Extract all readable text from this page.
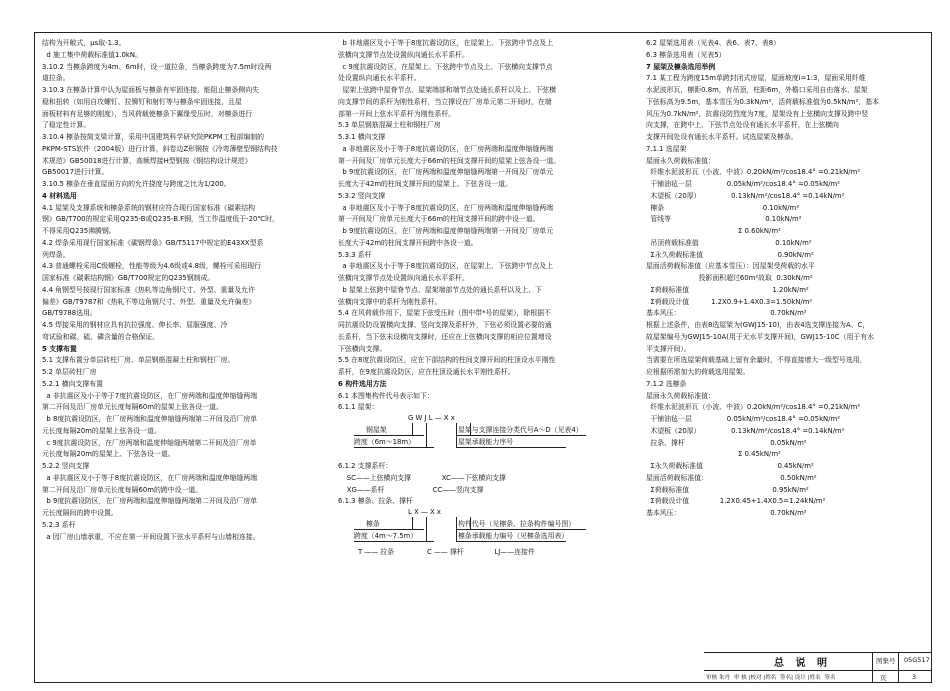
结构为开敞式，μs取-1.3。
d 施工集中荷载标准值1.0kN。
3.10.2 当檩条跨度为4m、6m时，设一道拉条，当檩条跨度为7.5m时设两
道拉条。
3.10.3 在檩条计算中认为屋面板与檩条有牢固连接，能阻止檩条侧向失
稳和扭转（如用自攻螺钉、拉铆钉和射钉等与檩条牢固连接，且屋
面板材料有足够的刚度），当风荷载使檩条下翼缘受压时，对檩条进行
了稳定性计算。
3.10.4 檩条按简支梁计算，采用中国建筑科学研究院PKPM工程部编制的
PKPM-STS软件（2004版）进行计算，斜卷边Z形钢按《冷弯薄壁型钢结构技
术规范》GB50018进行计算，高频焊接H型钢按《钢结构设计规范》
GB50017进行计算。
3.10.5 檩条在垂直屋面方向的允许挠度与跨度之比为1/200。
4 材料选用
4.1 屋架及支撑系统和檩条系统的钢材应符合现行国家标准《碳素结构
钢》GB/T700的规定采用Q235-B或Q235-B.F钢，当工作温度低于-20℃时，
不得采用Q235沸腾钢。
4.2 焊条采用现行国家标准《碳钢焊条》GB/T5117中规定的E43XX型系
列焊条。
4.3 普通螺栓采用C级螺栓，性能等级为4.6级或4.8级，螺栓可采用现行
国家标准《碳素结构钢》GB/T700规定的Q235钢制成。
4.4 角钢型号按现行国家标准《热轧等边角钢尺寸、外型、重量及允许
偏差》GB/T9787和《热轧不等边角钢尺寸、外型、重量及允许偏差》
GB/T9788选用。
4.5 焊接采用的钢材应具有抗拉强度、伸长率、屈服强度、冷
弯试验和碳、硫、磷含量的合格保证。
5 支撑布置
5.1 支撑布置分单层砖柱厂房、单层钢筋混凝土柱和钢柱厂房。
5.2 单层砖柱厂房
5.2.1 横向支撑布置
a 非抗震区及小于等于7度抗震设防区，在厂房两端和温度伸缩缝两端
第二开间及沿厂房单元长度每隔60m的屋架上弦各设一道。
b 8度抗震设防区，在厂房两端和温度伸缩缝两端第二开间及沿厂房单
元长度每隔20m的屋架上弦各设一道。
c 9度抗震设防区，在厂房两端和温度伸缩缝两端第二开间及沿厂房单
元长度每隔20m的屋架上、下弦各设一道。
5.2.2 竖向支撑
a 非抗震区及小于等于8度抗震设防区，在厂房两端和温度伸缩缝两端
第二开间及沿厂房单元长度每隔60m的跨中设一道。
b 9度抗震设防区，在厂房两端和温度伸缩缝两端第二开间及沿厂房单
元长度隔间的跨中设置。
5.2.3 系杆
a 因厂房山墙承重，不应在第一开间设置下弦水平系杆与山墙相连接。
b 非地震区及小于等于8度抗震设防区，在屋架上、下弦跨中节点及上
弦横向支撑节点处设置纵向通长水平系杆。
c 9度抗震设防区，在屋架上、下弦跨中节点及上、下弦横向支撑节点
处设置纵向通长水平系杆。
屋架上弦跨中屋脊节点、屋架端部和端节点处通长系杆以及上、下弦横
向支撑节间的系杆为刚性系杆，当立撑设在厂房单元第二开间时，在端
部第一开间上弦水平系杆为刚性系杆。
5.3 单层钢筋混凝土柱和钢柱厂房
5.3.1 横向支撑
a 非地震区及小于等于8度抗震设防区，在厂房两端和温度伸缩缝两端
第一开间及厂房单元长度大于66m的柱间支撑开间的屋架上弦各设一道。
b 9度抗震设防区，在厂房两端和温度伸缩缝两端第一开间及厂房单元
长度大于42m的柱间支撑开间的屋架上、下弦各设一道。
5.3.2 竖向支撑
a 非地震区及小于等于8度抗震设防区，在厂房两端和温度伸缩缝两端
第一开间及厂房单元长度大于66m的柱间支撑开间的跨中设一道。
b 9度抗震设防区，在厂房两端和温度伸缩缝两端第一开间及厂房单元
长度大于42m的柱间支撑开间跨中各设一道。
5.3.3 系杆
a 非地震区及小于等于8度抗震设防区，在屋架上、下弦跨中节点及上
弦横向支撑节点处设置纵向通长水平系杆。
b 屋架上弦跨中屋脊节点、屋架端部节点处的通长系杆以及上、下
弦横向支撑中的系杆为刚性系杆。
5.4 在风荷载作用下，屋架下弦受压时（图中带*号的屋架），除根据不
同抗震设防设置横向支撑、竖向支撑及系杆外，下弦必须设置必要的通
长系杆，当下弦未设横向支撑时，还应在上弦横向支撑的相应位置增设
下弦横向支撑。
5.5 在8度抗震设防区，应在下部结构的柱间支撑开间的柱顶设水平刚性
系杆，在9度抗震设防区，应在柱顶设通长水平刚性系杆。
6 构件选用方法
6.1 本图集构件代号表示如下：
6.1.1 屋架：
G W J L — X x
钢屋架
跨度（6m～18m）
屋架与支撑连接分类代号A～D（见表4）
屋架承载能力序号
6.1.2 支撑系杆：
SC——上弦横向支撑              XC——下弦横向支撑
XG——系杆                      CC——竖向支撑
6.1.3 檩条、拉条、撑杆
L X — X x
檩条
跨度（4m～7.5m）
构件代号（见檩条、拉条构件编号图）
檩条承载能力编号（见檩条选用表）
T —— 拉条               C —— 撑杆              LJ——连接件
6.2 屋架选用表（见表4、表6、表7、表8）
6.3 檩条选用表（见表5）
7 屋架及檩条选用举例
7.1 某工程为跨度15m单跨封闭式房屋，屋面坡度i=1:3，屋面采用纤维
水泥波形瓦，檩距0.8m，有吊顶，柱距6m，外檐口采用自由落水，屋架
下弦标高为9.5m，基本雪压为0.3kN/m²，活荷载标准值为0.5kN/m²，基本
风压为0.7kN/m²，抗震设防烈度为7度，屋架设有上弦横向支撑及跨中竖
向支撑，在跨中上、下弦节点处设有通长水平系杆，在上弦横向
支撑开间处设有通长水平系杆。试选屋架及檩条。
7.1.1 选屋架
屋面永久荷载标准值：
纤维水泥波形瓦（小波、中波）0.20kN/m²/cos18.4° =0.21kN/m²
干铺油毡一层                0.05kN/m²/cos18.4° =0.05kN/m²
木望板（20厚）              0.13kN/m²/cos18.4° =0.14kN/m²
檩条                                             0.10kN/m²
管线等                                           0.10kN/m²
Σ 0.60kN/m²
吊顶荷载标准值                                   0.10kN/m²
Σ永久荷载标准值                                  0.90kN/m²
屋面活荷载标准值（应基本雪压）：因屋架受荷载的水平
投影面积超过60m²故取  0.30kN/m²
Σ荷载标准值                                      1.20kN/m²
Σ荷载设计值          1.2X0.9+1.4X0.3=1.50kN/m²
基本风压：                                         0.70kN/m²
根据上述条件，由表8选屋架为(GWJ15-10)，由表4选支撑连接为A、C，
故屋架编号为GWJ15-10A(用于无水平支撑开间)，GWJ15-10C（用于有水
平支撑开间）。
当需要在所选屋架荷载基础上留有余量时，不得直接增大一级型号选用，
应根据所需加大的荷载选用屋架。
7.1.2 选檩条
屋面永久荷载标准值：
纤维水泥波形瓦（小波、中波）0.20kN/m²/cos18.4° =0.21kN/m²
干铺油毡一层                0.05kN/m²/cos18.4° =0.05kN/m²
木望板（20厚）              0.13kN/m²/cos18.4° =0.14kN/m²
拉条、撑杆                                       0.05kN/m²
Σ 0.45kN/m²
Σ永久荷载标准值                                  0.45kN/m²
屋面活荷载标准值：                                 0.50kN/m²
Σ荷载标准值                                      0.95kN/m²
Σ荷载设计值              1.2X0.45+1.4X0.5=1.24kN/m²
基本风压：                                         0.70kN/m²
总 说 明	图集号 05G517
审核 朱丹  审 核 |校对 |姓名  签名| 设计 |姓名  签名	页	3
